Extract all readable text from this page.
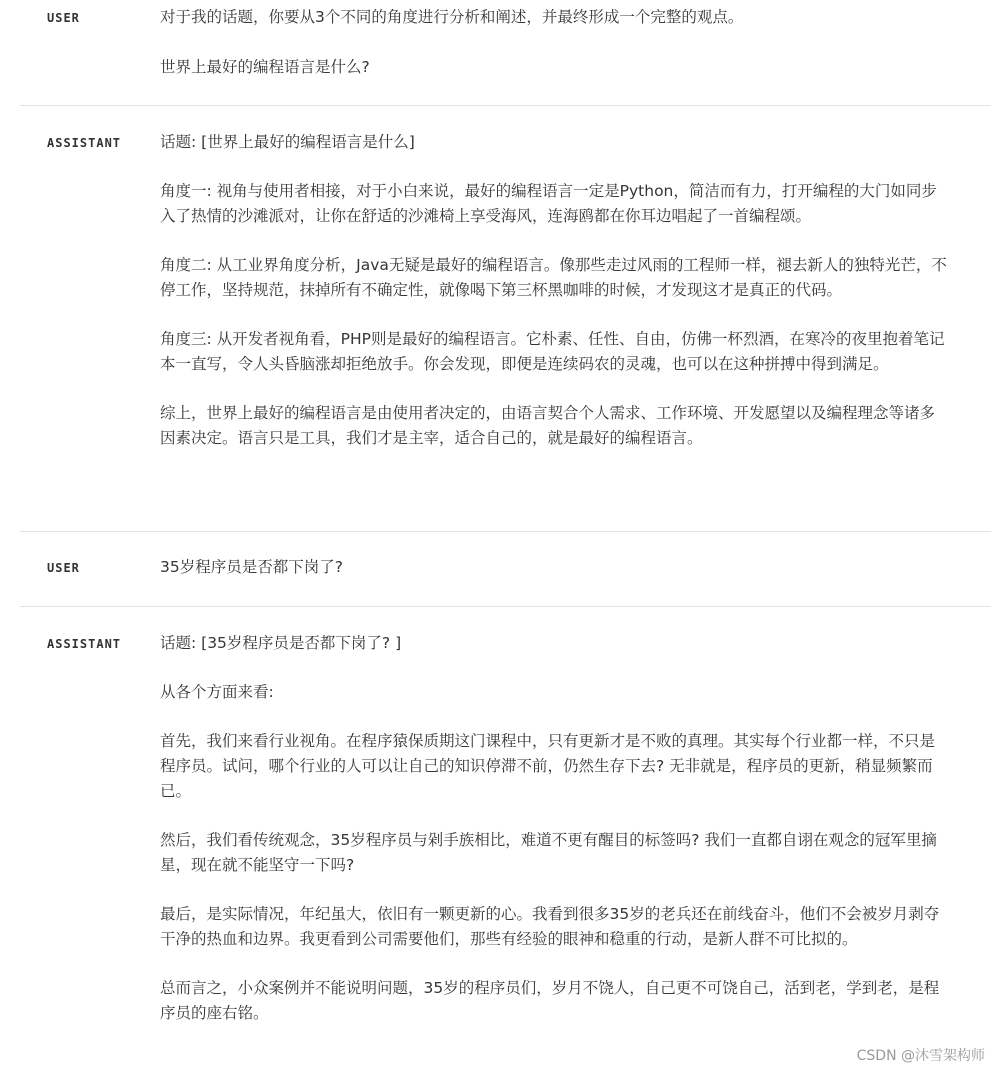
USER	对于我的话题，你要从3个不同的角度进行分析和阐述，并最终形成一个完整的观点。

世界上最好的编程语言是什么?

ASSISTANT	话题: [世界上最好的编程语言是什么]

角度一: 视角与使用者相接，对于小白来说，最好的编程语言一定是Python，简洁而有力，打开编程的大门如同步入了热情的沙滩派对，让你在舒适的沙滩椅上享受海风，连海鸥都在你耳边唱起了一首编程颂。

角度二: 从工业界角度分析，Java无疑是最好的编程语言。像那些走过风雨的工程师一样，褪去新人的独特光芒，不停工作，坚持规范，抹掉所有不确定性，就像喝下第三杯黑咖啡的时候，才发现这才是真正的代码。

角度三: 从开发者视角看，PHP则是最好的编程语言。它朴素、任性、自由，仿佛一杯烈酒，在寒冷的夜里抱着笔记本一直写，令人头昏脑涨却拒绝放手。你会发现，即便是连续码农的灵魂，也可以在这种拼搏中得到满足。

综上，世界上最好的编程语言是由使用者决定的，由语言契合个人需求、工作环境、开发愿望以及编程理念等诸多因素决定。语言只是工具，我们才是主宰，适合自己的，就是最好的编程语言。

USER	35岁程序员是否都下岗了?

ASSISTANT	话题: [35岁程序员是否都下岗了? ]

从各个方面来看:

首先，我们来看行业视角。在程序猿保质期这门课程中，只有更新才是不败的真理。其实每个行业都一样，不只是程序员。试问，哪个行业的人可以让自己的知识停滞不前，仍然生存下去? 无非就是，程序员的更新，稍显频繁而已。

然后，我们看传统观念，35岁程序员与剁手族相比，难道不更有醒目的标签吗? 我们一直都自诩在观念的冠军里摘星，现在就不能坚守一下吗?

最后，是实际情况，年纪虽大，依旧有一颗更新的心。我看到很多35岁的老兵还在前线奋斗，他们不会被岁月剥夺干净的热血和边界。我更看到公司需要他们，那些有经验的眼神和稳重的行动，是新人群不可比拟的。

总而言之，小众案例并不能说明问题，35岁的程序员们，岁月不饶人，自己更不可饶自己，活到老，学到老，是程序员的座右铭。

CSDN @沐雪架构师
